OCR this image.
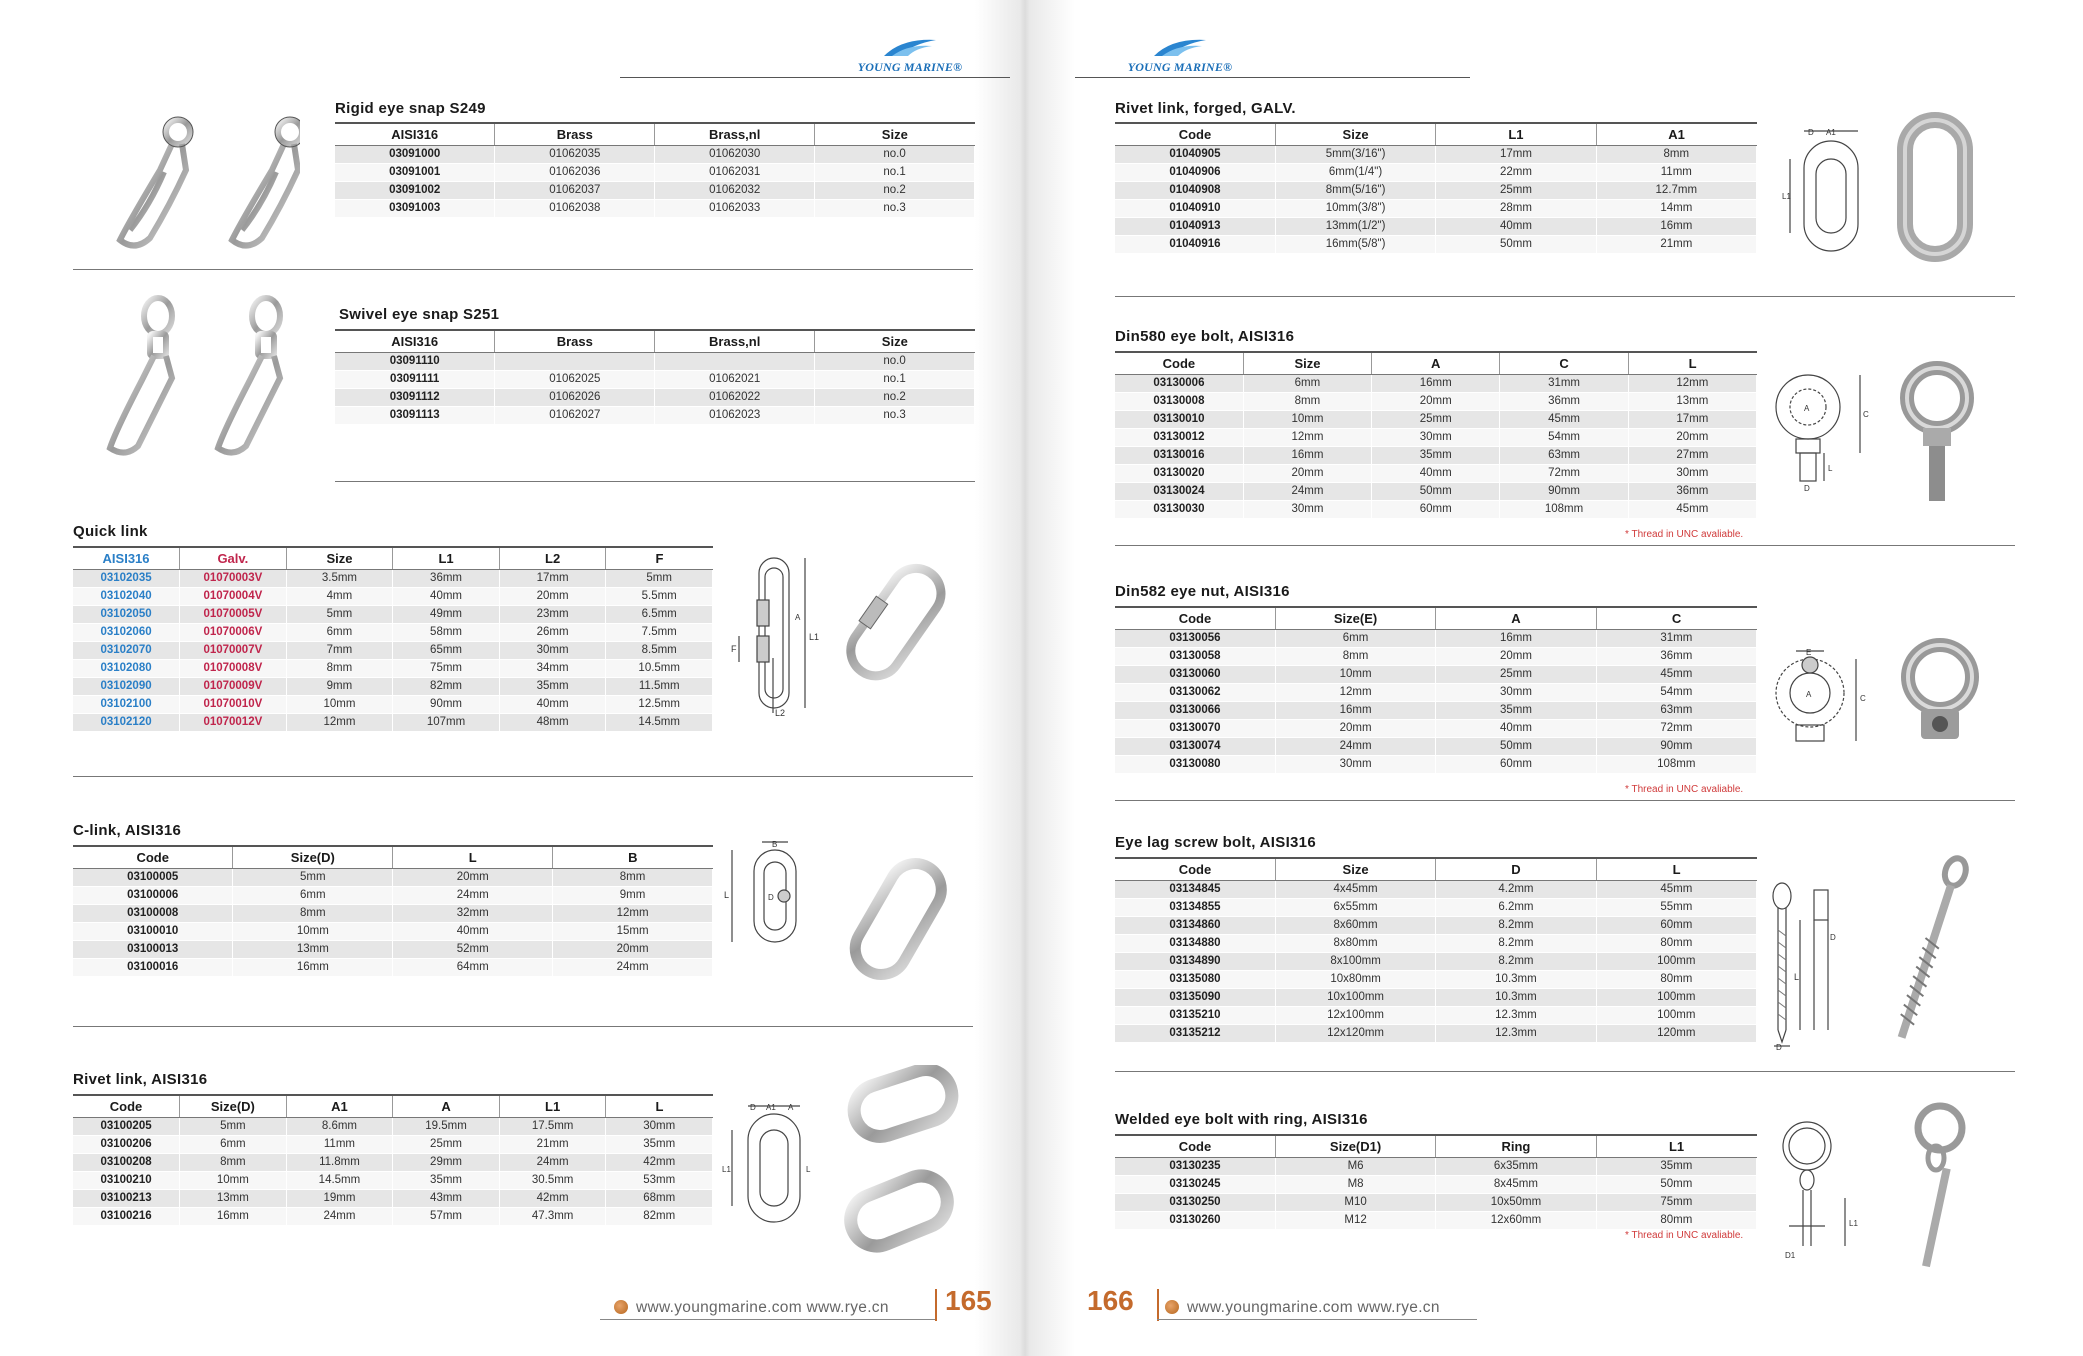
YOUNG MARINE®	YOUNG MARINE®
Rigid eye snap S249
AISI316	Brass	Brass,nl	Size
03091000	01062035	01062030	no.0
03091001	01062036	01062031	no.1
03091002	01062037	01062032	no.2
03091003	01062038	01062033	no.3
Swivel eye snap S251
AISI316	Brass	Brass,nl	Size
03091110			no.0
03091111	01062025	01062021	no.1
03091112	01062026	01062022	no.2
03091113	01062027	01062023	no.3
Quick link
AISI316	Galv.	Size	L1	L2	F
03102035	01070003V	3.5mm	36mm	17mm	5mm
03102040	01070004V	4mm	40mm	20mm	5.5mm
03102050	01070005V	5mm	49mm	23mm	6.5mm
03102060	01070006V	6mm	58mm	26mm	7.5mm
03102070	01070007V	7mm	65mm	30mm	8.5mm
03102080	01070008V	8mm	75mm	34mm	10.5mm
03102090	01070009V	9mm	82mm	35mm	11.5mm
03102100	01070010V	10mm	90mm	40mm	12.5mm
03102120	01070012V	12mm	107mm	48mm	14.5mm
L1
F
A
L2
C-link, AISI316
Code	Size(D)	L	B
03100005	5mm	20mm	8mm
03100006	6mm	24mm	9mm
03100008	8mm	32mm	12mm
03100010	10mm	40mm	15mm
03100013	13mm	52mm	20mm
03100016	16mm	64mm	24mm
B
L	D
Rivet link, AISI316
Code	Size(D)	A1	A	L1	L
03100205	5mm	8.6mm	19.5mm	17.5mm	30mm
03100206	6mm	11mm	25mm	21mm	35mm
03100208	8mm	11.8mm	29mm	24mm	42mm
03100210	10mm	14.5mm	35mm	30.5mm	53mm
03100213	13mm	19mm	43mm	42mm	68mm
03100216	16mm	24mm	57mm	47.3mm	82mm
D A1 A
L1	L
www.youngmarine.com www.rye.cn 165
Rivet link, forged, GALV.
Code	Size	L1	A1
01040905	5mm(3/16")	17mm	8mm
01040906	6mm(1/4")	22mm	11mm
01040908	8mm(5/16")	25mm	12.7mm
01040910	10mm(3/8")	28mm	14mm
01040913	13mm(1/2")	40mm	16mm
01040916	16mm(5/8")	50mm	21mm
D A1
L1
Din580 eye bolt, AISI316
Code	Size	A	C	L
03130006	6mm	16mm	31mm	12mm
03130008	8mm	20mm	36mm	13mm
03130010	10mm	25mm	45mm	17mm
03130012	12mm	30mm	54mm	20mm
03130016	16mm	35mm	63mm	27mm
03130020	20mm	40mm	72mm	30mm
03130024	24mm	50mm	90mm	36mm
03130030	30mm	60mm	108mm	45mm
* Thread in UNC avaliable.
A
C
L
D
Din582 eye nut, AISI316
Code	Size(E)	A	C
03130056	6mm	16mm	31mm
03130058	8mm	20mm	36mm
03130060	10mm	25mm	45mm
03130062	12mm	30mm	54mm
03130066	16mm	35mm	63mm
03130070	20mm	40mm	72mm
03130074	24mm	50mm	90mm
03130080	30mm	60mm	108mm
* Thread in UNC avaliable.
E
A	C
Eye lag screw bolt, AISI316
Code	Size	D	L
03134845	4x45mm	4.2mm	45mm
03134855	6x55mm	6.2mm	55mm
03134860	8x60mm	8.2mm	60mm
03134880	8x80mm	8.2mm	80mm
03134890	8x100mm	8.2mm	100mm
03135080	10x80mm	10.3mm	80mm
03135090	10x100mm	10.3mm	100mm
03135210	12x100mm	12.3mm	100mm
03135212	12x120mm	12.3mm	120mm
D
L
D
Welded eye bolt with ring, AISI316
Code	Size(D1)	Ring	L1
03130235	M6	6x35mm	35mm
03130245	M8	8x45mm	50mm
03130250	M10	10x50mm	75mm
03130260	M12	12x60mm	80mm
* Thread in UNC avaliable.
D1
L1
166	www.youngmarine.com www.rye.cn
